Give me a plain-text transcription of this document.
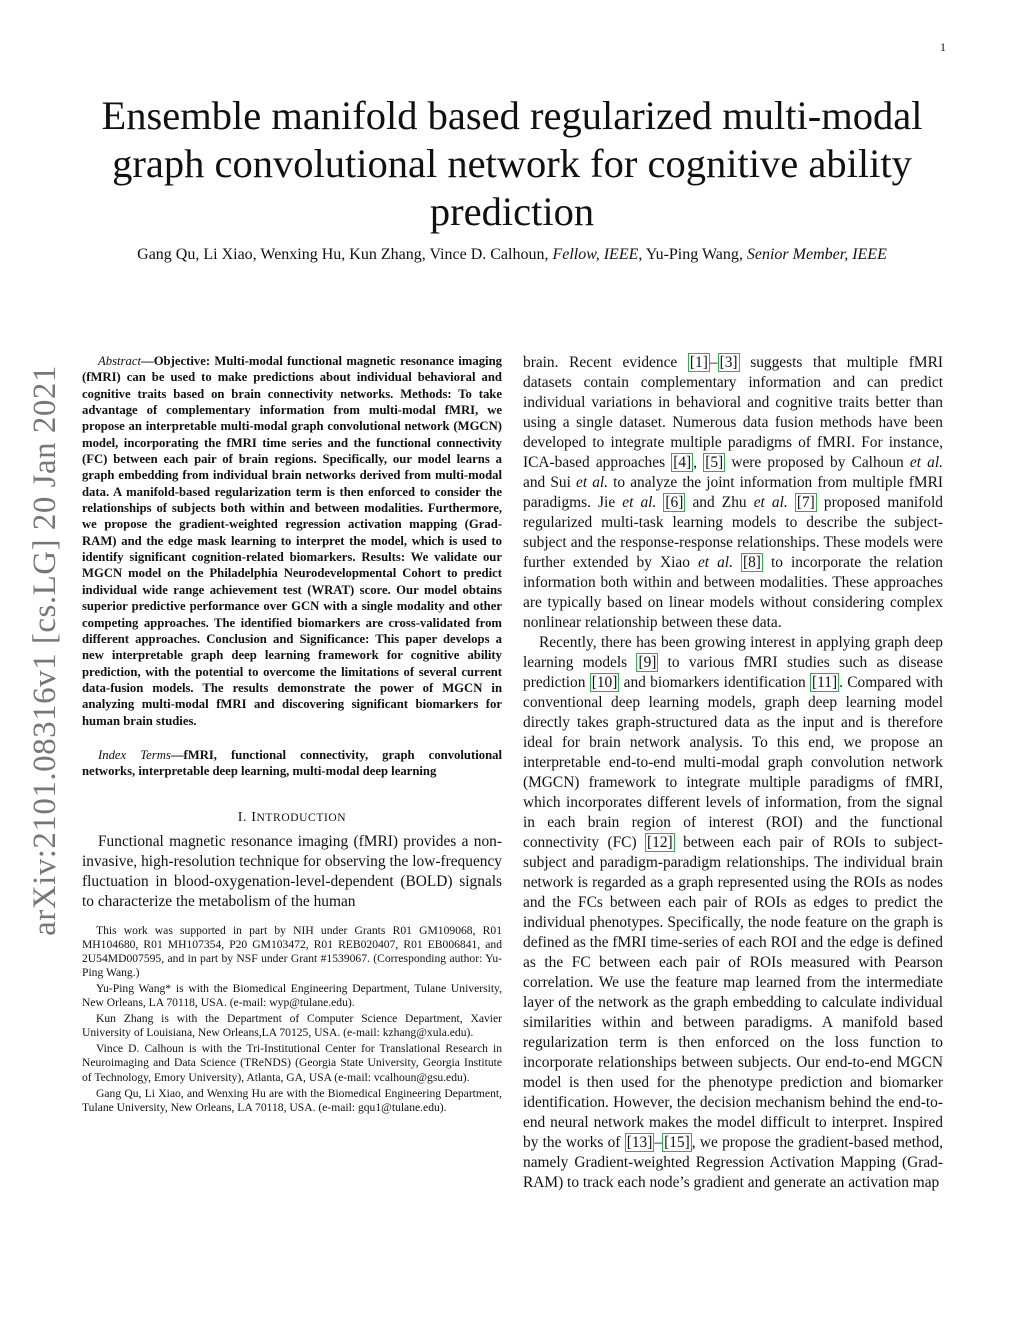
1
arXiv:2101.08316v1 [cs.LG] 20 Jan 2021
Ensemble manifold based regularized multi-modal graph convolutional network for cognitive ability prediction
Gang Qu, Li Xiao, Wenxing Hu, Kun Zhang, Vince D. Calhoun, Fellow, IEEE, Yu-Ping Wang, Senior Member, IEEE

Abstract—Objective: Multi-modal functional magnetic resonance imaging (fMRI) can be used to make predictions about individual behavioral and cognitive traits based on brain connectivity networks. Methods: To take advantage of complementary information from multi-modal fMRI, we propose an interpretable multi-modal graph convolutional network (MGCN) model, incorporating the fMRI time series and the functional connectivity (FC) between each pair of brain regions. Specifically, our model learns a graph embedding from individual brain networks derived from multi-modal data. A manifold-based regularization term is then enforced to consider the relationships of subjects both within and between modalities. Furthermore, we propose the gradient-weighted regression activation mapping (Grad-RAM) and the edge mask learning to interpret the model, which is used to identify significant cognition-related biomarkers. Results: We validate our MGCN model on the Philadelphia Neurodevelopmental Cohort to predict individual wide range achievement test (WRAT) score. Our model obtains superior predictive performance over GCN with a single modality and other competing approaches. The identified biomarkers are cross-validated from different approaches. Conclusion and Significance: This paper develops a new interpretable graph deep learning framework for cognitive ability prediction, with the potential to overcome the limitations of several current data-fusion models. The results demonstrate the power of MGCN in analyzing multi-modal fMRI and discovering significant biomarkers for human brain studies.

Index Terms—fMRI, functional connectivity, graph convolutional networks, interpretable deep learning, multi-modal deep learning

I. INTRODUCTION

Functional magnetic resonance imaging (fMRI) provides a non-invasive, high-resolution technique for observing the low-frequency fluctuation in blood-oxygenation-level-dependent (BOLD) signals to characterize the metabolism of the human

This work was supported in part by NIH under Grants R01 GM109068, R01 MH104680, R01 MH107354, P20 GM103472, R01 REB020407, R01 EB006841, and 2U54MD007595, and in part by NSF under Grant #1539067. (Corresponding author: Yu-Ping Wang.)

Yu-Ping Wang* is with the Biomedical Engineering Department, Tulane University, New Orleans, LA 70118, USA. (e-mail: wyp@tulane.edu).

Kun Zhang is with the Department of Computer Science Department, Xavier University of Louisiana, New Orleans,LA 70125, USA. (e-mail: kzhang@xula.edu).

Vince D. Calhoun is with the Tri-Institutional Center for Translational Research in Neuroimaging and Data Science (TReNDS) (Georgia State University, Georgia Institute of Technology, Emory University), Atlanta, GA, USA (e-mail: vcalhoun@gsu.edu).

Gang Qu, Li Xiao, and Wenxing Hu are with the Biomedical Engineering Department, Tulane University, New Orleans, LA 70118, USA. (e-mail: gqu1@tulane.edu).

brain. Recent evidence [1] – [3] suggests that multiple fMRI datasets contain complementary information and can predict individual variations in behavioral and cognitive traits better than using a single dataset. Numerous data fusion methods have been developed to integrate multiple paradigms of fMRI. For instance, ICA-based approaches [4] , [5] were proposed by Calhoun et al. and Sui et al. to analyze the joint information from multiple fMRI paradigms. Jie et al. [6] and Zhu et al. [7] proposed manifold regularized multi-task learning models to describe the subject-subject and the response-response relationships. These models were further extended by Xiao et al. [8] to incorporate the relation information both within and between modalities. These approaches are typically based on linear models without considering complex nonlinear relationship between these data.

Recently, there has been growing interest in applying graph deep learning models [9] to various fMRI studies such as disease prediction [10] and biomarkers identification [11] . Compared with conventional deep learning models, graph deep learning model directly takes graph-structured data as the input and is therefore ideal for brain network analysis. To this end, we propose an interpretable end-to-end multi-modal graph convolution network (MGCN) framework to integrate multiple paradigms of fMRI, which incorporates different levels of information, from the signal in each brain region of interest (ROI) and the functional connectivity (FC) [12] between each pair of ROIs to subject-subject and paradigm-paradigm relationships. The individual brain network is regarded as a graph represented using the ROIs as nodes and the FCs between each pair of ROIs as edges to predict the individual phenotypes. Specifically, the node feature on the graph is defined as the fMRI time-series of each ROI and the edge is defined as the FC between each pair of ROIs measured with Pearson correlation. We use the feature map learned from the intermediate layer of the network as the graph embedding to calculate individual similarities within and between paradigms. A manifold based regularization term is then enforced on the loss function to incorporate relationships between subjects. Our end-to-end MGCN model is then used for the phenotype prediction and biomarker identification. However, the decision mechanism behind the end-to-end neural network makes the model difficult to interpret. Inspired by the works of [13] – [15] , we propose the gradient-based method, namely Gradient-weighted Regression Activation Mapping (Grad-RAM) to track each node’s gradient and generate an activation map
